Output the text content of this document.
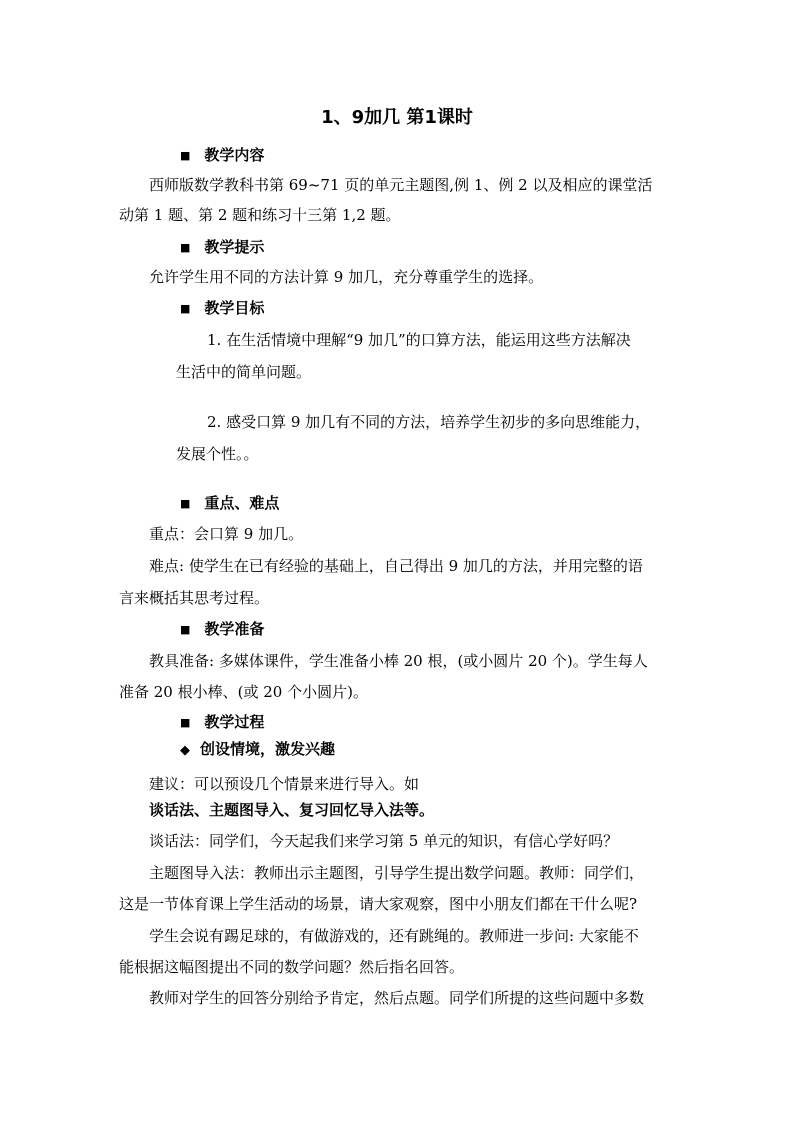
1、9加几 第1课时
■ 教学内容
西师版数学教科书第 69~71 页的单元主题图,例 1、例 2 以及相应的课堂活
动第 1 题、第 2 题和练习十三第 1,2 题。
■ 教学提示
允许学生用不同的方法计算 9 加几，充分尊重学生的选择。
■ 教学目标
1. 在生活情境中理解“9 加几”的口算方法，能运用这些方法解决
生活中的简单问题。
2. 感受口算 9 加几有不同的方法，培养学生初步的多向思维能力，
发展个性。。
■ 重点、难点
重点：会口算 9 加几。
难点: 使学生在已有经验的基础上，自己得出 9 加几的方法，并用完整的语
言来概括其思考过程。
■ 教学准备
教具准备: 多媒体课件，学生准备小棒 20 根，(或小圆片 20 个)。学生每人
准备 20 根小棒、(或 20 个小圆片)。
■ 教学过程
◆ 创设情境，激发兴趣
建议：可以预设几个情景来进行导入。如
谈话法、主题图导入、复习回忆导入法等。
谈话法：同学们，今天起我们来学习第 5 单元的知识，有信心学好吗？
主题图导入法：教师出示主题图，引导学生提出数学问题。教师：同学们，
这是一节体育课上学生活动的场景，请大家观察，图中小朋友们都在干什么呢?
学生会说有踢足球的，有做游戏的，还有跳绳的。教师进一步问: 大家能不
能根据这幅图提出不同的数学问题？然后指名回答。
教师对学生的回答分别给予肯定，然后点题。同学们所提的这些问题中多数
